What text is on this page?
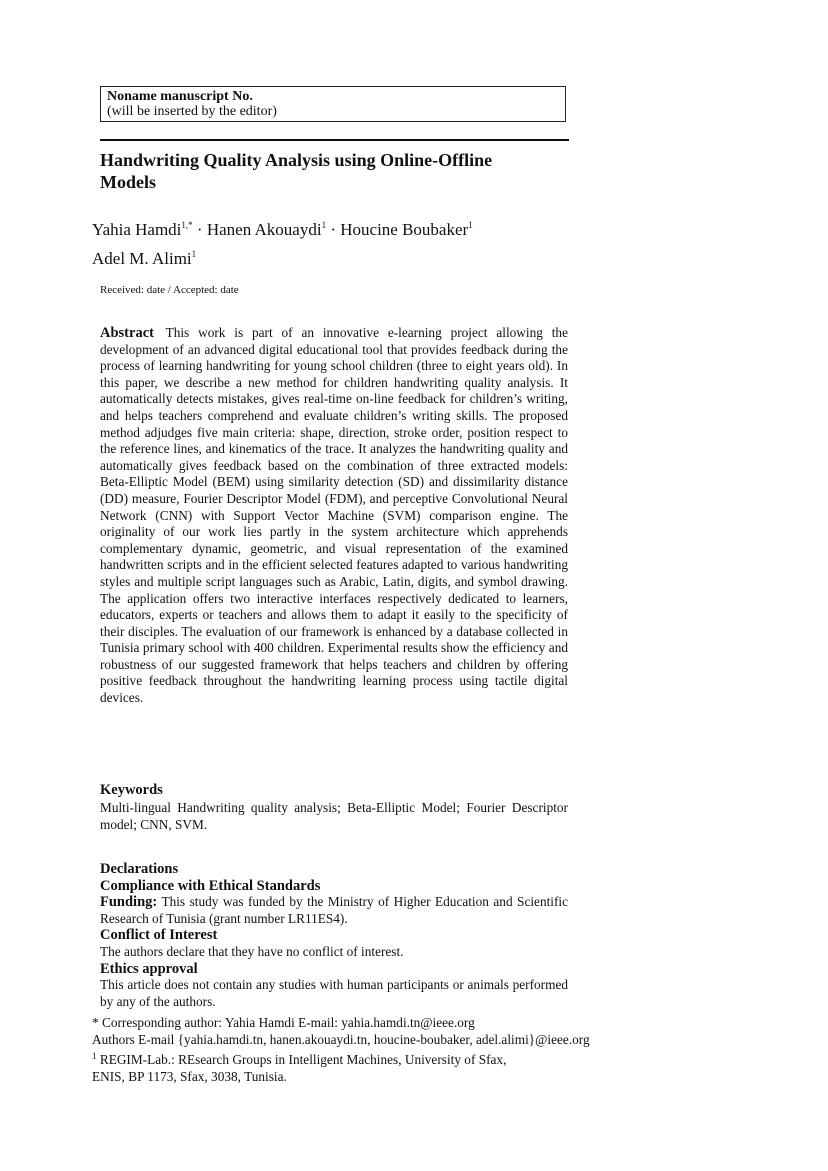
Noname manuscript No.
(will be inserted by the editor)
Handwriting Quality Analysis using Online-Offline Models
Yahia Hamdi$^{1,*}$ · Hanen Akouaydi$^1$ · Houcine Boubaker$^1$
Adel M. Alimi$^1$
Received: date / Accepted: date
Abstract This work is part of an innovative e-learning project allowing the development of an advanced digital educational tool that provides feedback during the process of learning handwriting for young school children (three to eight years old). In this paper, we describe a new method for children handwriting quality analysis. It automatically detects mistakes, gives real-time on-line feedback for children’s writing, and helps teachers comprehend and evaluate children’s writing skills. The proposed method adjudges five main criteria: shape, direction, stroke order, position respect to the reference lines, and kinematics of the trace. It analyzes the handwriting quality and automatically gives feedback based on the combination of three extracted models: Beta-Elliptic Model (BEM) using similarity detection (SD) and dissimilarity distance (DD) measure, Fourier Descriptor Model (FDM), and perceptive Convolutional Neural Network (CNN) with Support Vector Machine (SVM) comparison engine. The originality of our work lies partly in the system architecture which apprehends complementary dynamic, geometric, and visual representation of the examined handwritten scripts and in the efficient selected features adapted to various handwriting styles and multiple script languages such as Arabic, Latin, digits, and symbol drawing. The application offers two interactive interfaces respectively dedicated to learners, educators, experts or teachers and allows them to adapt it easily to the specificity of their disciples. The evaluation of our framework is enhanced by a database collected in Tunisia primary school with 400 children. Experimental results show the efficiency and robustness of our suggested framework that helps teachers and children by offering positive feedback throughout the handwriting learning process using tactile digital devices.
Keywords
Multi-lingual Handwriting quality analysis; Beta-Elliptic Model; Fourier Descriptor model; CNN, SVM.
Declarations
Compliance with Ethical Standards

Funding: This study was funded by the Ministry of Higher Education and Scientific Research of Tunisia (grant number LR11ES4).

Conflict of Interest

The authors declare that they have no conflict of interest.

Ethics approval

This article does not contain any studies with human participants or animals performed by any of the authors.

* Corresponding author: Yahia Hamdi E-mail: yahia.hamdi.tn@ieee.org
Authors E-mail {yahia.hamdi.tn, hanen.akouaydi.tn, houcine-boubaker, adel.alimi}@ieee.org
$^1$ REGIM-Lab.: REsearch Groups in Intelligent Machines, University of Sfax,
ENIS, BP 1173, Sfax, 3038, Tunisia.
